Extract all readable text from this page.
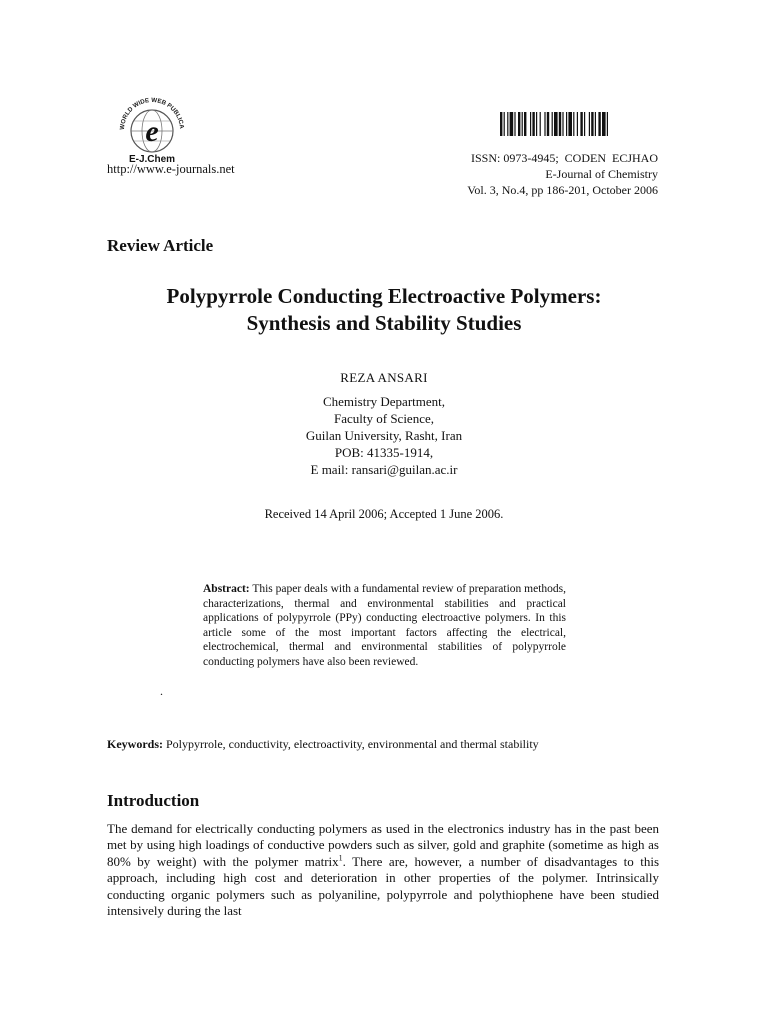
WORLD WIDE WEB PUBLICA
e
E-J.Chem
http://www.e-journals.net
ISSN: 0973-4945;  CODEN  ECJHAO
E-Journal of Chemistry
Vol. 3, No.4, pp 186-201, October 2006
Review Article
Polypyrrole Conducting Electroactive Polymers:
Synthesis and Stability Studies
REZA ANSARI
Chemistry Department,
Faculty of Science,
Guilan University, Rasht, Iran
POB: 41335-1914,
E mail: ransari@guilan.ac.ir
Received 14 April 2006; Accepted 1 June 2006.
Abstract: This paper deals with a fundamental review of preparation methods, characterizations, thermal and environmental stabilities and practical applications of polypyrrole (PPy) conducting electroactive polymers. In this article some of the most important factors affecting the electrical, electrochemical, thermal and environmental stabilities of polypyrrole conducting polymers have also been reviewed.
.
Keywords: Polypyrrole, conductivity, electroactivity, environmental and thermal stability
Introduction

The demand for electrically conducting polymers as used in the electronics industry has in the past been met by using high loadings of conductive powders such as silver, gold and graphite (sometime as high as 80% by weight) with the polymer matrix$^1$. There are, however, a number of disadvantages to this approach, including high cost and deterioration in other properties of the polymer. Intrinsically conducting organic polymers such as polyaniline, polypyrrole and polythiophene have been studied intensively during the last
